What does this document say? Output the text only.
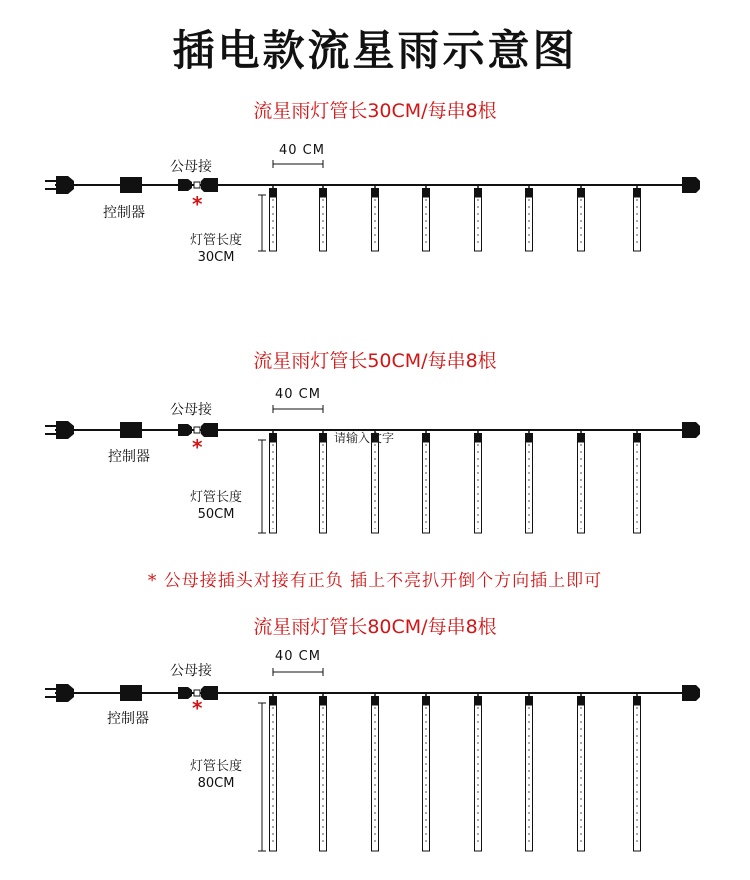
插电款流星雨示意图
流星雨灯管长30CM/每串8根
公母接
控制器 *
40 CM
灯管长度
30CM
流星雨灯管长50CM/每串8根
公母接
控制器 *
40 CM
灯管长度
50CM
请输入文字
* 公母接插头对接有正负 插上不亮扒开倒个方向插上即可
流星雨灯管长80CM/每串8根
公母接
控制器 *
40 CM
灯管长度
80CM
